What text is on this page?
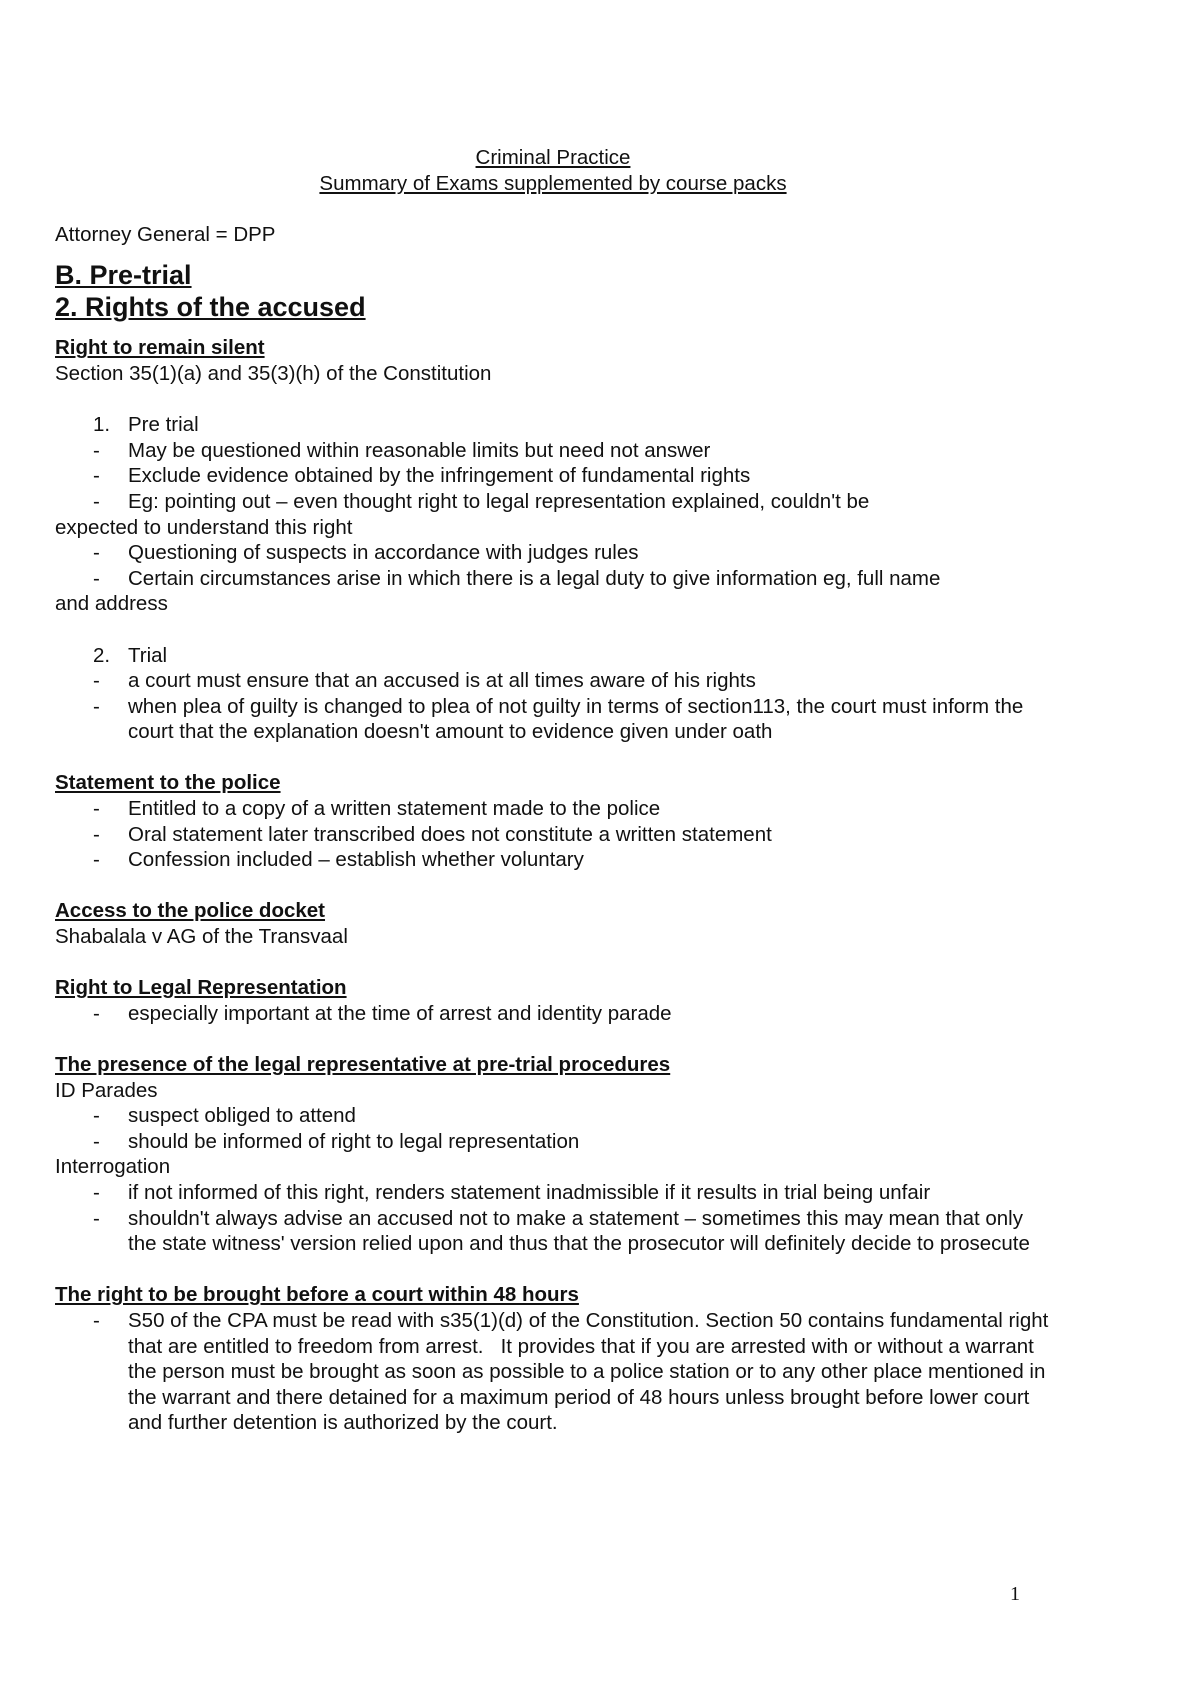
Criminal Practice
Summary of Exams supplemented by course packs
Attorney General = DPP
B. Pre-trial
2. Rights of the accused
Right to remain silent
Section 35(1)(a) and 35(3)(h) of the Constitution
1. Pre trial
-	May be questioned within reasonable limits but need not answer
-	Exclude evidence obtained by the infringement of fundamental rights
-	Eg: pointing out – even thought right to legal representation explained, couldn't be
expected to understand this right
-	Questioning of suspects in accordance with judges rules
-	Certain circumstances arise in which there is a legal duty to give information eg, full name
and address
2. Trial
-	a court must ensure that an accused is at all times aware of his rights
-	when plea of guilty is changed to plea of not guilty in terms of section113, the court must inform the court that the explanation doesn't amount to evidence given under oath
Statement to the police
-	Entitled to a copy of a written statement made to the police
-	Oral statement later transcribed does not constitute a written statement
-	Confession included – establish whether voluntary
Access to the police docket
Shabalala v AG of the Transvaal
Right to Legal Representation
-	especially important at the time of arrest and identity parade
The presence of the legal representative at pre-trial procedures
ID Parades
-	suspect obliged to attend
-	should be informed of right to legal representation
Interrogation
-	if not informed of this right, renders statement inadmissible if it results in trial being unfair
-	shouldn't always advise an accused not to make a statement – sometimes this may mean that only the state witness' version relied upon and thus that the prosecutor will definitely decide to prosecute
The right to be brought before a court within 48 hours
-	S50 of the CPA must be read with s35(1)(d) of the Constitution. Section 50 contains fundamental right that are entitled to freedom from arrest.   It provides that if you are arrested with or without a warrant the person must be brought as soon as possible to a police station or to any other place mentioned in the warrant and there detained for a maximum period of 48 hours unless brought before lower court and further detention is authorized by the court.
1
